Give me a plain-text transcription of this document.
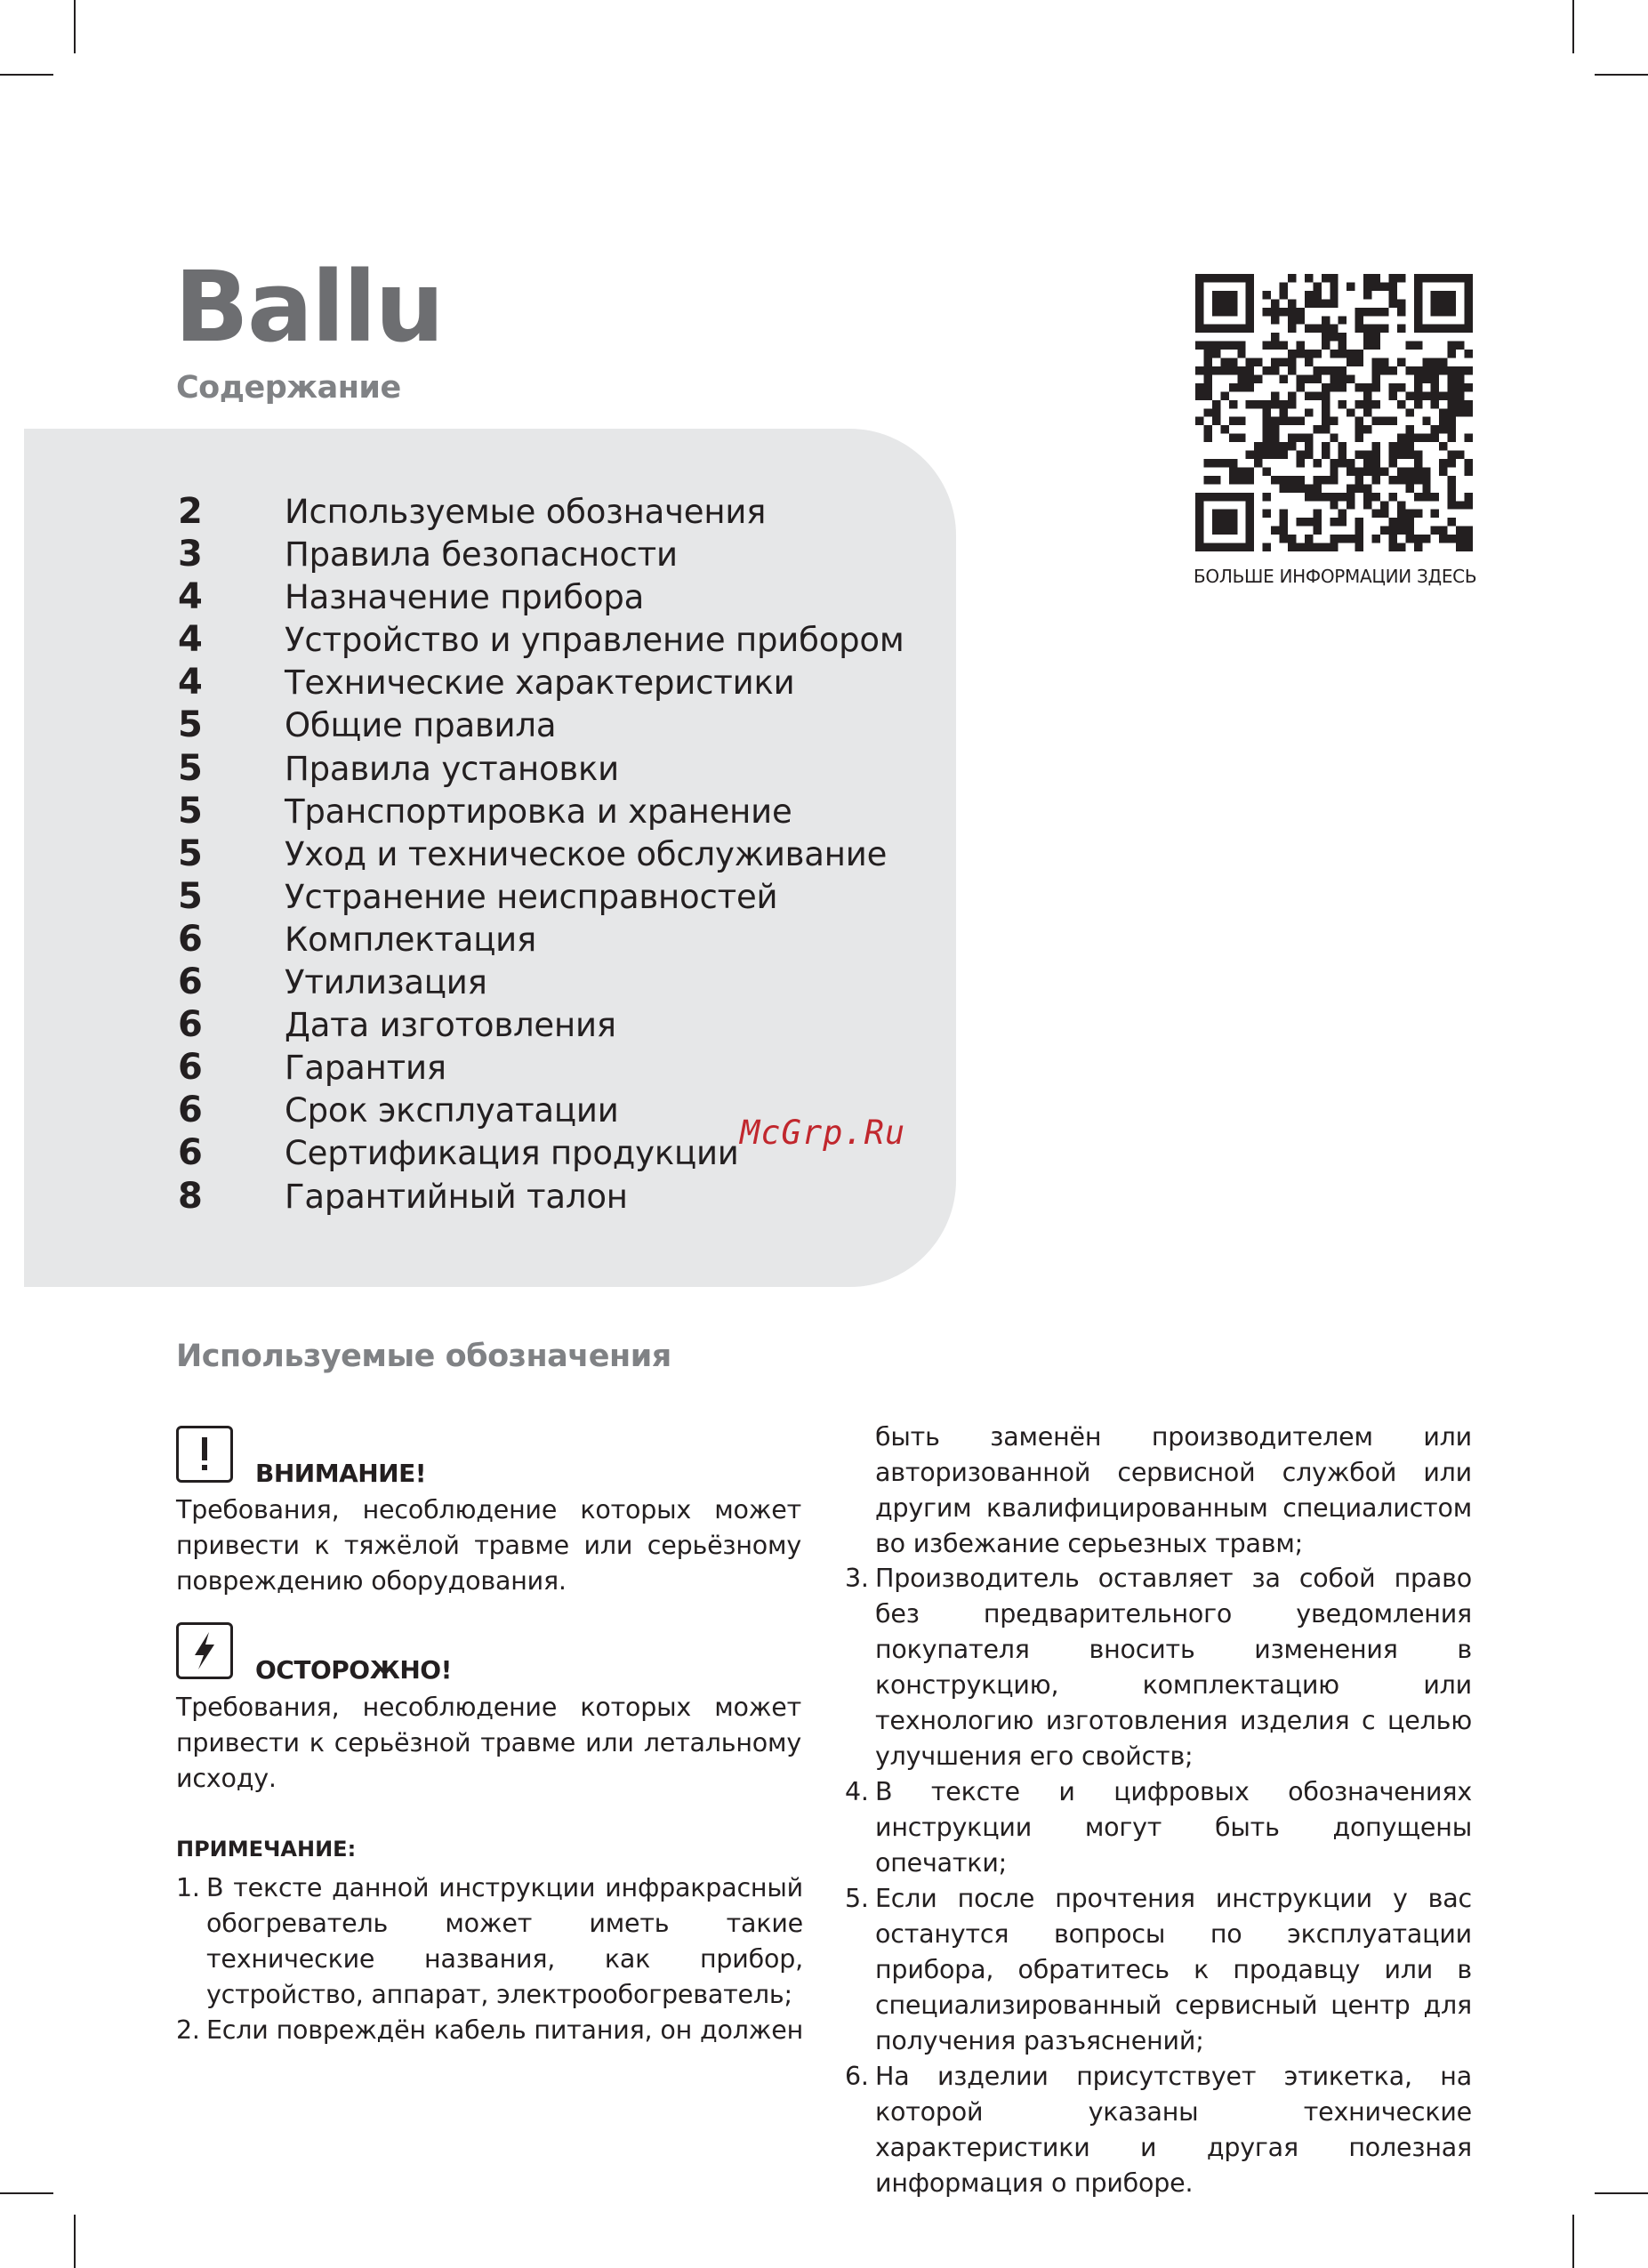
Ballu
Содержание
2	Используемые обозначения
3	Правила безопасности
4	Назначение прибора
4	Устройство и управление прибором
4	Технические характеристики
5	Общие правила
5	Правила установки
5	Транспортировка и хранение
5	Уход и техническое обслуживание
5	Устранение неисправностей
6	Комплектация
6	Утилизация
6	Дата изготовления
6	Гарантия
6	Срок эксплуатации
6	Сертификация продукции
8	Гарантийный талон
McGrp.Ru
БОЛЬШЕ ИНФОРМАЦИИ ЗДЕСЬ
Используемые обозначения
ВНИМАНИЕ!
Требования, несоблюдение которых может привести к тяжёлой травме или серьёзному повреждению оборудования.
ОСТОРОЖНО!
Требования, несоблюдение которых может привести к серьёзной травме или летальному исходу.
ПРИМЕЧАНИЕ:
1. В тексте данной инструкции инфракрасный обогреватель может иметь такие технические названия, как прибор, устройство, аппарат, электрообогреватель;
2. Если повреждён кабель питания, он должен
быть заменён производителем или авторизованной сервисной службой или другим квалифицированным специалистом во избежание серьезных травм;
3. Производитель оставляет за собой право без предварительного уведомления покупателя вносить изменения в конструкцию, комплектацию или технологию изготовления изделия с целью улучшения его свойств;
4. В тексте и цифровых обозначениях инструкции могут быть допущены опечатки;
5. Если после прочтения инструкции у вас останутся вопросы по эксплуатации прибора, обратитесь к продавцу или в специализированный сервисный центр для получения разъяснений;
6. На изделии присутствует этикетка, на которой указаны технические характеристики и другая полезная информация о приборе.
